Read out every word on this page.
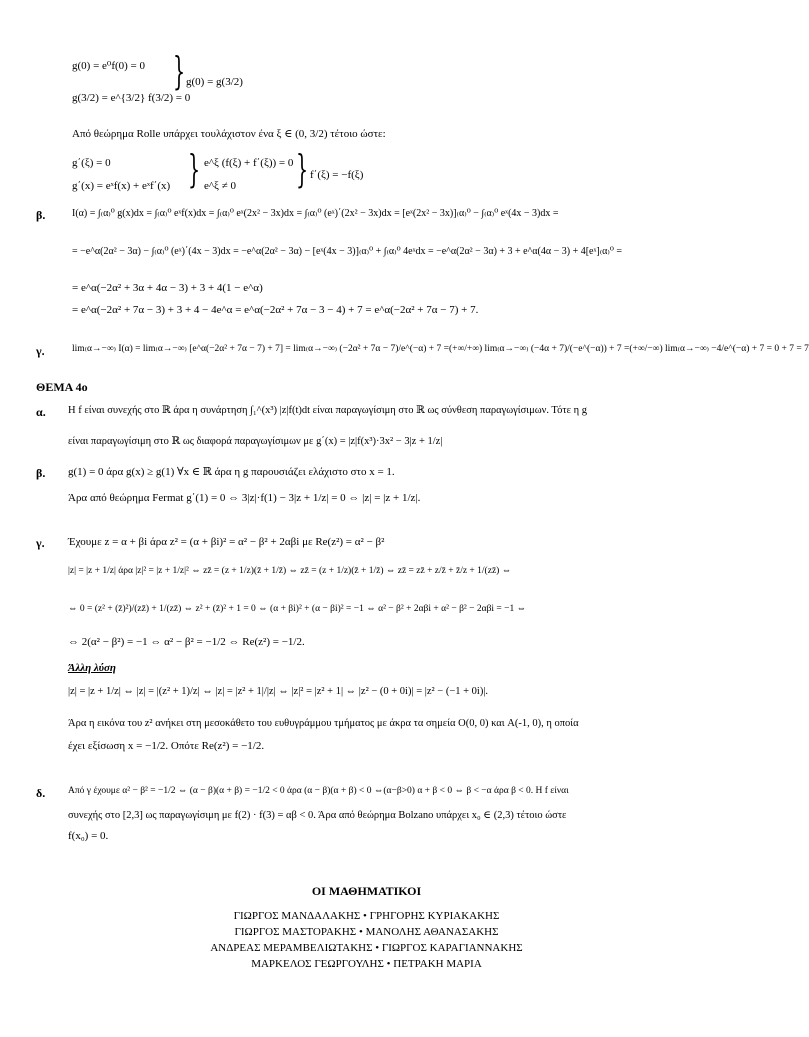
g(0) = e⁰f(0) = 0
g(3/2) = e^{3/2} f(3/2) = 0
} g(0) = g(3/2)
Από θεώρημα Rolle υπάρχει τουλάχιστον ένα ξ ∈ (0, 3/2) τέτοιο ώστε:
g΄(ξ) = 0
g΄(x) = eˣf(x) + eˣf΄(x) } e^ξ (f(ξ) + f΄(ξ)) = 0
e^ξ ≠ 0 } f΄(ξ) = −f(ξ)
β.	I(α) = ∫₍α₎⁰ g(x)dx = ∫₍α₎⁰ eˣf(x)dx = ∫₍α₎⁰ eˣ(2x² − 3x)dx = ∫₍α₎⁰ (eˣ)΄(2x² − 3x)dx = [eˣ(2x² − 3x)]₍α₎⁰ − ∫₍α₎⁰ eˣ(4x − 3)dx =
= −e^α(2α² − 3α) − ∫₍α₎⁰ (eˣ)΄(4x − 3)dx = −e^α(2α² − 3α) − [eˣ(4x − 3)]₍α₎⁰ + ∫₍α₎⁰ 4eˣdx = −e^α(2α² − 3α) + 3 + e^α(4α − 3) + 4[eˣ]₍α₎⁰ =
= e^α(−2α² + 3α + 4α − 3) + 3 + 4(1 − e^α)
= e^α(−2α² + 7α − 3) + 3 + 4 − 4e^α = e^α(−2α² + 7α − 3 − 4) + 7 = e^α(−2α² + 7α − 7) + 7.
γ.	lim₍α→−∞₎ I(α) = lim₍α→−∞₎ [e^α(−2α² + 7α − 7) + 7] = lim₍α→−∞₎ (−2α² + 7α − 7)/e^(−α) + 7 =(+∞/+∞) lim₍α→−∞₎ (−4α + 7)/(−e^(−α)) + 7 =(+∞/−∞) lim₍α→−∞₎ −4/e^(−α) + 7 = 0 + 7 = 7
ΘΕΜΑ 4ο
α. Η f είναι συνεχής στο ℝ άρα η συνάρτηση ∫₁^(x³) |z|f(t)dt είναι παραγωγίσιμη στο ℝ ως σύνθεση παραγωγίσιμων. Τότε η g
είναι παραγωγίσιμη στο ℝ ως διαφορά παραγωγίσιμων με g΄(x) = |z|f(x³)·3x² − 3|z + 1/z|
β. g(1) = 0 άρα g(x) ≥ g(1) ∀x ∈ ℝ άρα η g παρουσιάζει ελάχιστο στο x = 1.
Άρα από θεώρημα Fermat g΄(1) = 0 ⇔ 3|z|·f(1) − 3|z + 1/z| = 0 ⇔ |z| = |z + 1/z|.
γ. Έχουμε z = α + βi άρα z² = (α + βi)² = α² − β² + 2αβi με Re(z²) = α² − β²
|z| = |z + 1/z| άρα |z|² = |z + 1/z|² ⇔ zz̄ = (z + 1/z)(z̄ + 1/z̄) ⇔ zz̄ = (z + 1/z)(z̄ + 1/z̄) ⇔ zz̄ = zz̄ + z/z̄ + z̄/z + 1/(zz̄) ⇔
⇔ 0 = (z² + (z̄)²)/(zz̄) + 1/(zz̄) ⇔ z² + (z̄)² + 1 = 0 ⇔ (α + βi)² + (α − βi)² = −1 ⇔ α² − β² + 2αβi + α² − β² − 2αβi = −1 ⇔
⇔ 2(α² − β²) = −1 ⇔ α² − β² = −1/2 ⇔ Re(z²) = −1/2.
Άλλη λύση
|z| = |z + 1/z| ⇔ |z| = |(z² + 1)/z| ⇔ |z| = |z² + 1|/|z| ⇔ |z|² = |z² + 1| ⇔ |z² − (0 + 0i)| = |z² − (−1 + 0i)|.
Άρα η εικόνα του z² ανήκει στη μεσοκάθετο του ευθυγράμμου τμήματος με άκρα τα σημεία O(0, 0) και A(-1, 0), η οποία
έχει εξίσωση x = −1/2. Οπότε Re(z²) = −1/2.
δ. Από γ έχουμε α² − β² = −1/2 ⇔ (α − β)(α + β) = −1/2 < 0 άρα (α − β)(α + β) < 0 ⇔(α−β>0) α + β < 0 ⇔ β < −α άρα β < 0. Η f είναι
συνεχής στο [2,3] ως παραγωγίσιμη με f(2) · f(3) = αβ < 0. Άρα από θεώρημα Bolzano υπάρχει x₀ ∈ (2,3) τέτοιο ώστε
f(x₀) = 0.
ΟΙ ΜΑΘΗΜΑΤΙΚΟΙ
ΓΙΩΡΓΟΣ ΜΑΝΔΑΛΑΚΗΣ • ΓΡΗΓΟΡΗΣ ΚΥΡΙΑΚΑΚΗΣ
ΓΙΩΡΓΟΣ ΜΑΣΤΟΡΑΚΗΣ • ΜΑΝΟΛΗΣ ΑΘΑΝΑΣΑΚΗΣ
ΑΝΔΡΕΑΣ ΜΕΡΑΜΒΕΛΙΩΤΑΚΗΣ • ΓΙΩΡΓΟΣ ΚΑΡΑΓΙΑΝΝΑΚΗΣ
ΜΑΡΚΕΛΟΣ ΓΕΩΡΓΟΥΛΗΣ • ΠΕΤΡΑΚΗ ΜΑΡΙΑ
